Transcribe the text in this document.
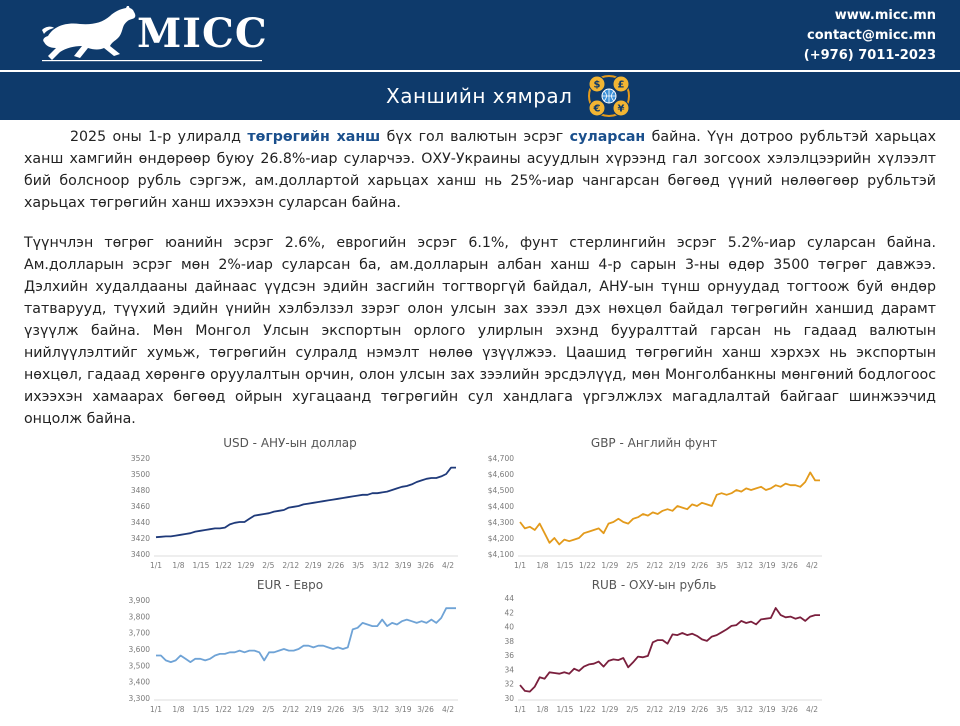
MICC	www.micc.mn
contact@micc.mn
(+976) 7011-2023
Ханшийн хямрал $ £
€ ¥
2025 оны 1-р улиралд төгрөгийн ханш бүх гол валютын эсрэг суларсан байна. Үүн дотроо рубльтэй харьцах ханш хамгийн өндөрөөр буюу 26.8%-иар суларчээ. ОХУ-Украины асуудлын хүрээнд гал зогсоох хэлэлцээрийн хүлээлт бий болсноор рубль сэргэж, ам.доллартой харьцах ханш нь 25%-иар чангарсан бөгөөд үүний нөлөөгөөр рубльтэй харьцах төгрөгийн ханш ихээхэн суларсан байна.
Түүнчлэн төгрөг юанийн эсрэг 2.6%, еврогийн эсрэг 6.1%, фунт стерлингийн эсрэг 5.2%-иар суларсан байна. Ам.долларын эсрэг мөн 2%-иар суларсан ба, ам.долларын албан ханш 4-р сарын 3-ны өдөр 3500 төгрөг давжээ. Дэлхийн худалдааны дайнаас үүдсэн эдийн засгийн тогтворгүй байдал, АНУ-ын түнш орнуудад тогтоож буй өндөр татварууд, түүхий эдийн үнийн хэлбэлзэл зэрэг олон улсын зах зээл дэх нөхцөл байдал төгрөгийн ханшид дарамт үзүүлж байна. Мөн Монгол Улсын экспортын орлого улирлын эхэнд бууралттай гарсан нь гадаад валютын нийлүүлэлтийг хумьж, төгрөгийн сулралд нэмэлт нөлөө үзүүлжээ. Цаашид төгрөгийн ханш хэрхэх нь экспортын нөхцөл, гадаад хөрөнгө оруулалтын орчин, олон улсын зах зээлийн эрсдэлүүд, мөн Монголбанкны мөнгөний бодлогоос ихээхэн хамаарах бөгөөд ойрын хугацаанд төгрөгийн сул хандлага үргэлжлэх магадлалтай байгааг шинжээчид онцолж байна.
USD - АНУ-ын доллар
3400
3420
3440
3460
3480
3500
3520
1/1 1/8 1/15 1/22 1/29 2/5 2/12 2/19 2/26 3/5 3/12 3/19 3/26 4/2
GBP - Английн фунт
$4,100
$4,200
$4,300
$4,400
$4,500
$4,600
$4,700
1/1 1/8 1/15 1/22 1/29 2/5 2/12 2/19 2/26 3/5 3/12 3/19 3/26 4/2
EUR - Евро
3,300
3,400
3,500
3,600
3,700
3,800
3,900
1/1 1/8 1/15 1/22 1/29 2/5 2/12 2/19 2/26 3/5 3/12 3/19 3/26 4/2
RUB - ОХУ-ын рубль
30
32
34
36
38
40
42
44
1/1 1/8 1/15 1/22 1/29 2/5 2/12 2/19 2/26 3/5 3/12 3/19 3/26 4/2
